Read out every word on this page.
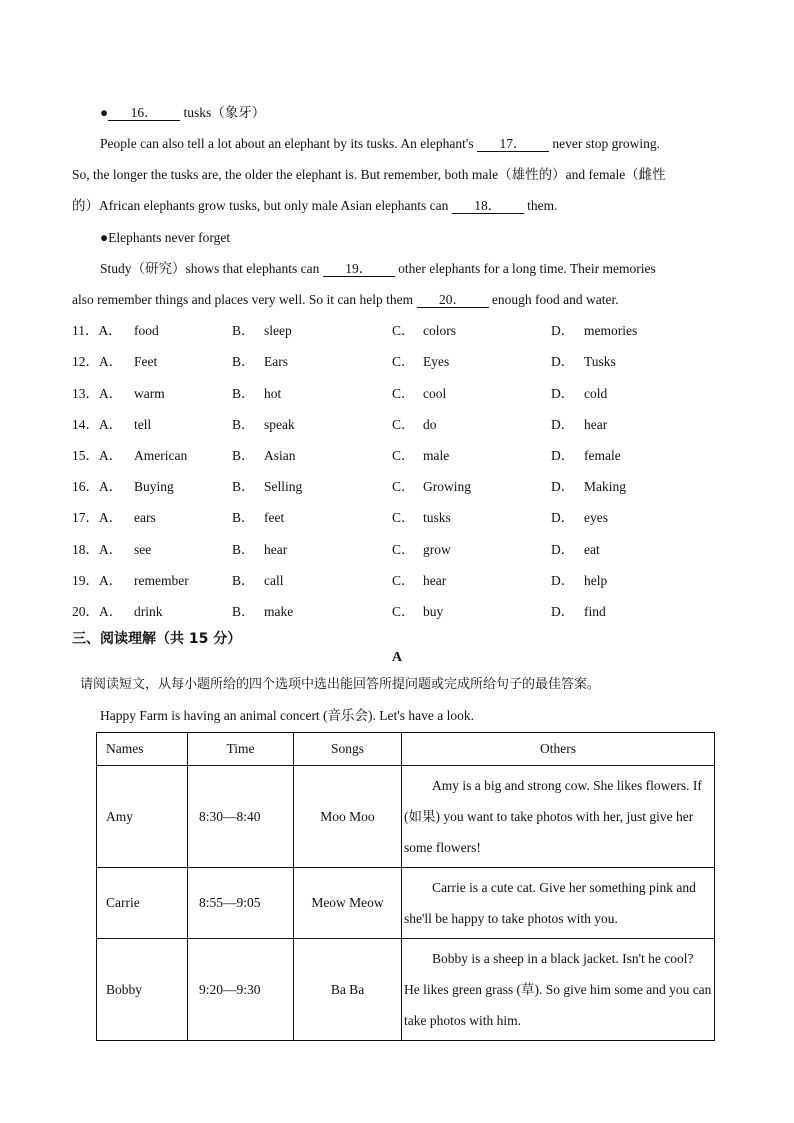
● 16． tusks（象牙）
People can also tell a lot about an elephant by its tusks. An elephant's 17． never stop growing.
So, the longer the tusks are, the older the elephant is. But remember, both male（雄性的）and female（雌性
的）African elephants grow tusks, but only male Asian elephants can 18． them.
●Elephants never forget
Study（研究）shows that elephants can 19． other elephants for a long time. Their memories
also remember things and places very well. So it can help them 20． enough food and water.
11．A． food	B． sleep	C． colors	D． memories
12．A． Feet	B． Ears	C． Eyes	D． Tusks
13．A． warm	B． hot	C． cool	D． cold
14．A． tell	B． speak	C． do	D． hear
15．A． American	B． Asian	C． male	D． female
16．A． Buying	B． Selling	C． Growing	D． Making
17．A． ears	B． feet	C． tusks	D． eyes
18．A． see	B． hear	C． grow	D． eat
19．A． remember	B． call	C． hear	D． help
20．A． drink	B． make	C． buy	D． find
三、阅读理解（共 15 分）
A
请阅读短文，从每小题所给的四个选项中选出能回答所提问题或完成所给句子的最佳答案。
Happy Farm is having an animal concert (音乐会). Let's have a look.
Names	Time	Songs	Others
Amy	8:30—8:40	Moo Moo	Amy is a big and strong cow. She likes flowers. If (如果) you want to take photos with her, just give her some flowers!

Carrie	8:55—9:05	Meow Meow	Carrie is a cute cat. Give her something pink and she'll be happy to take photos with you.

Bobby	9:20—9:30	Ba Ba	Bobby is a sheep in a black jacket. Isn't he cool? He likes green grass (草). So give him some and you can take photos with him.
